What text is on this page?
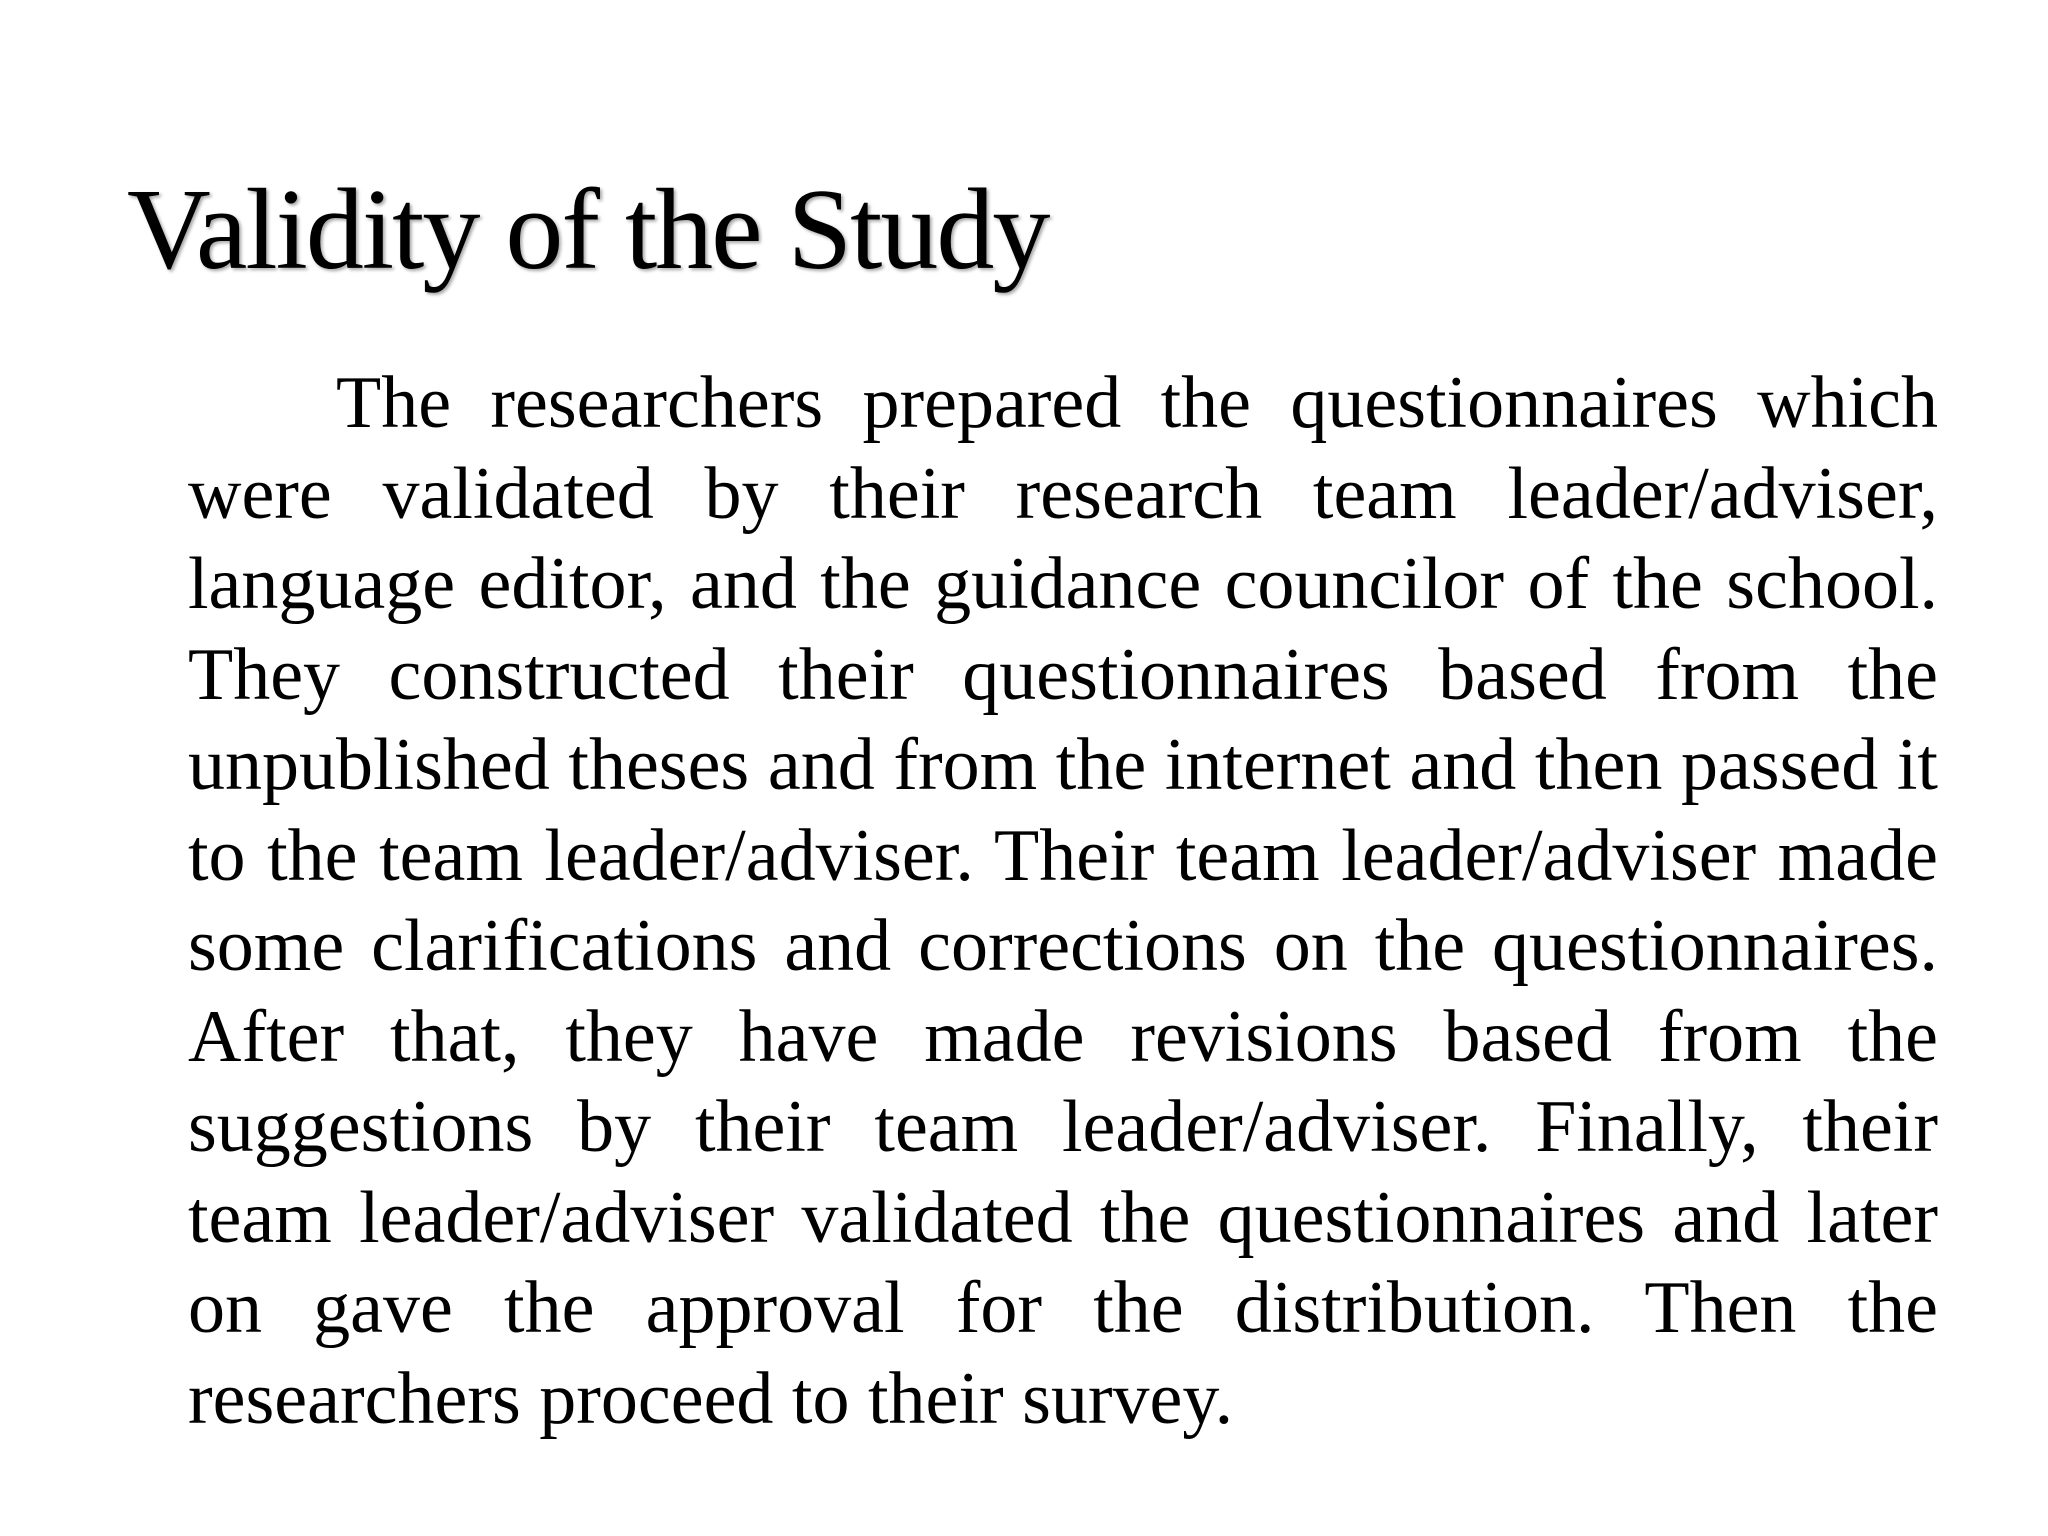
Validity of the Study

The researchers prepared the questionnaires which were validated by their research team leader/adviser, language editor, and the guidance councilor of the school. They constructed their questionnaires based from the unpublished theses and from the internet and then passed it to the team leader/adviser. Their team leader/adviser made some clarifications and corrections on the questionnaires. After that, they have made revisions based from the suggestions by their team leader/adviser. Finally, their team leader/adviser validated the questionnaires and later on gave the approval for the distribution. Then the researchers proceed to their survey.
